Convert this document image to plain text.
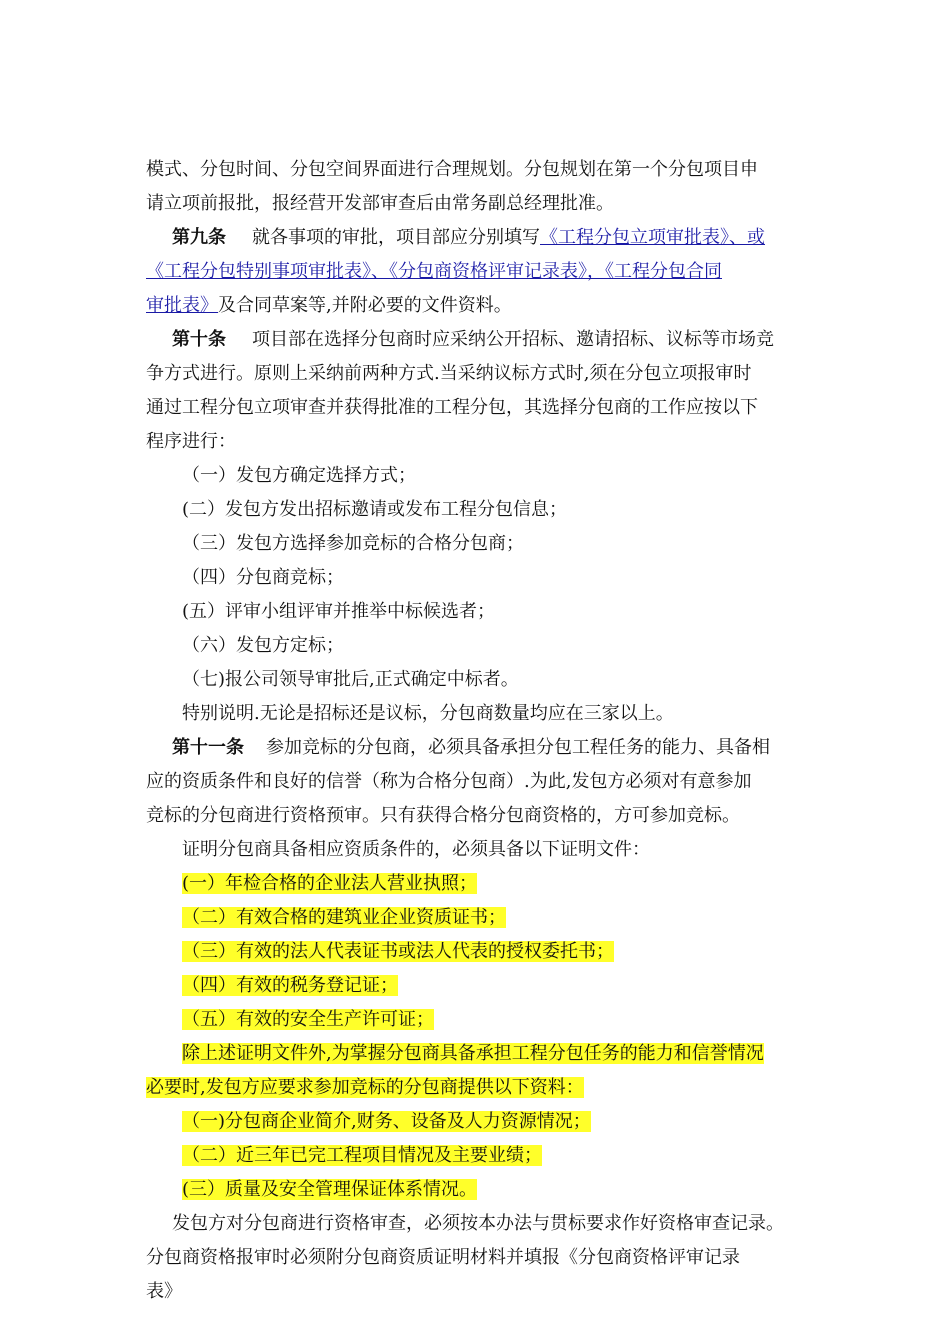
模式、分包时间、分包空间界面进行合理规划。分包规划在第一个分包项目申
请立项前报批，报经营开发部审查后由常务副总经理批准。
第九条 就各事项的审批，项目部应分别填写《工程分包立项审批表》、或
《工程分包特别事项审批表》、《分包商资格评审记录表》，《工程分包合同
审批表》及合同草案等,并附必要的文件资料。
第十条 项目部在选择分包商时应采纳公开招标、邀请招标、议标等市场竞
争方式进行。原则上采纳前两种方式.当采纳议标方式时,须在分包立项报审时
通过工程分包立项审查并获得批准的工程分包，其选择分包商的工作应按以下
程序进行：
（一）发包方确定选择方式；
(二）发包方发出招标邀请或发布工程分包信息；
（三）发包方选择参加竞标的合格分包商；
（四）分包商竞标；
(五）评审小组评审并推举中标候选者；
（六）发包方定标；
（七)报公司领导审批后,正式确定中标者。
特别说明.无论是招标还是议标，分包商数量均应在三家以上。
第十一条 参加竞标的分包商，必须具备承担分包工程任务的能力、具备相
应的资质条件和良好的信誉（称为合格分包商）.为此,发包方必须对有意参加
竞标的分包商进行资格预审。只有获得合格分包商资格的，方可参加竞标。
证明分包商具备相应资质条件的，必须具备以下证明文件：
(一）年检合格的企业法人营业执照；
（二）有效合格的建筑业企业资质证书；
（三）有效的法人代表证书或法人代表的授权委托书；
（四）有效的税务登记证；
（五）有效的安全生产许可证；
除上述证明文件外,为掌握分包商具备承担工程分包任务的能力和信誉情况
必要时,发包方应要求参加竞标的分包商提供以下资料：
（一)分包商企业简介,财务、设备及人力资源情况；
（二）近三年已完工程项目情况及主要业绩；
(三）质量及安全管理保证体系情况。
发包方对分包商进行资格审查，必须按本办法与贯标要求作好资格审查记录。
分包商资格报审时必须附分包商资质证明材料并填报《分包商资格评审记录
表》
